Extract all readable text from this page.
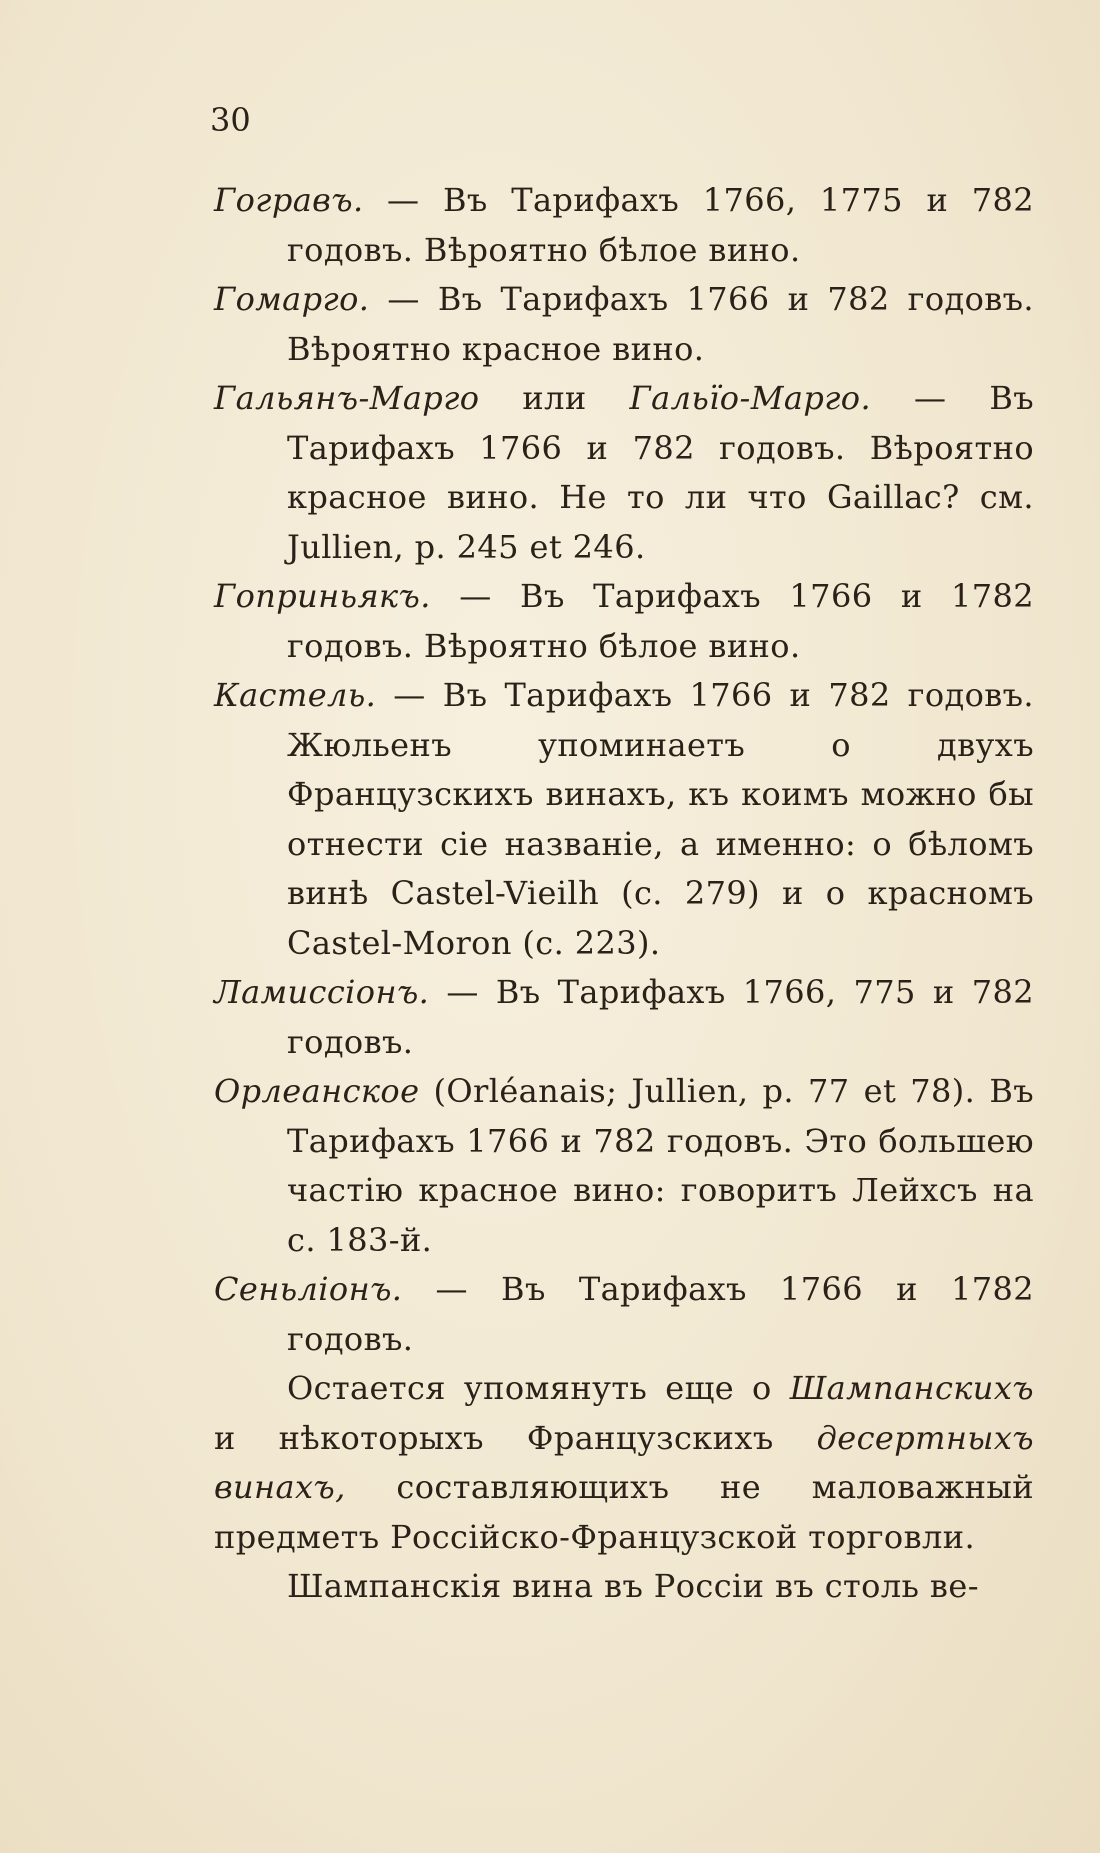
30
Гогравъ. — Въ Тарифахъ 1766, 1775 и 782 годовъ. Вѣроятно бѣлое вино.
Гомарго. — Въ Тарифахъ 1766 и 782 годовъ. Вѣроятно красное вино.
Гальянъ-Марго или Гальїо-Марго. — Въ Тарифахъ 1766 и 782 годовъ. Вѣроятно красное вино. Не то ли что Gaillac? см. Jullien, p. 245 et 246.
Гоприньякъ. — Въ Тарифахъ 1766 и 1782 годовъ. Вѣроятно бѣлое вино.
Кастель. — Въ Тарифахъ 1766 и 782 годовъ. Жюльенъ упоминаетъ о двухъ Французскихъ винахъ, къ коимъ можно бы отнести сіе названіе, а именно: о бѣломъ винѣ Castel-Vieilh (c. 279) и о красномъ Castel-Moron (c. 223).
Ламиссіонъ. — Въ Тарифахъ 1766, 775 и 782 годовъ.
Орлеанское (Orléanais; Jullien, p. 77 et 78). Въ Тарифахъ 1766 и 782 годовъ. Это большею частію красное вино: говоритъ Лейхсъ на с. 183-й.
Сеньліонъ. — Въ Тарифахъ 1766 и 1782 годовъ.
Остается упомянуть еще о Шампанскихъ и нѣкоторыхъ Французскихъ десертныхъ винахъ, составляющихъ не маловажный предметъ Россійско-Французской торговли.
Шампанскія вина въ Россіи въ столь ве-
